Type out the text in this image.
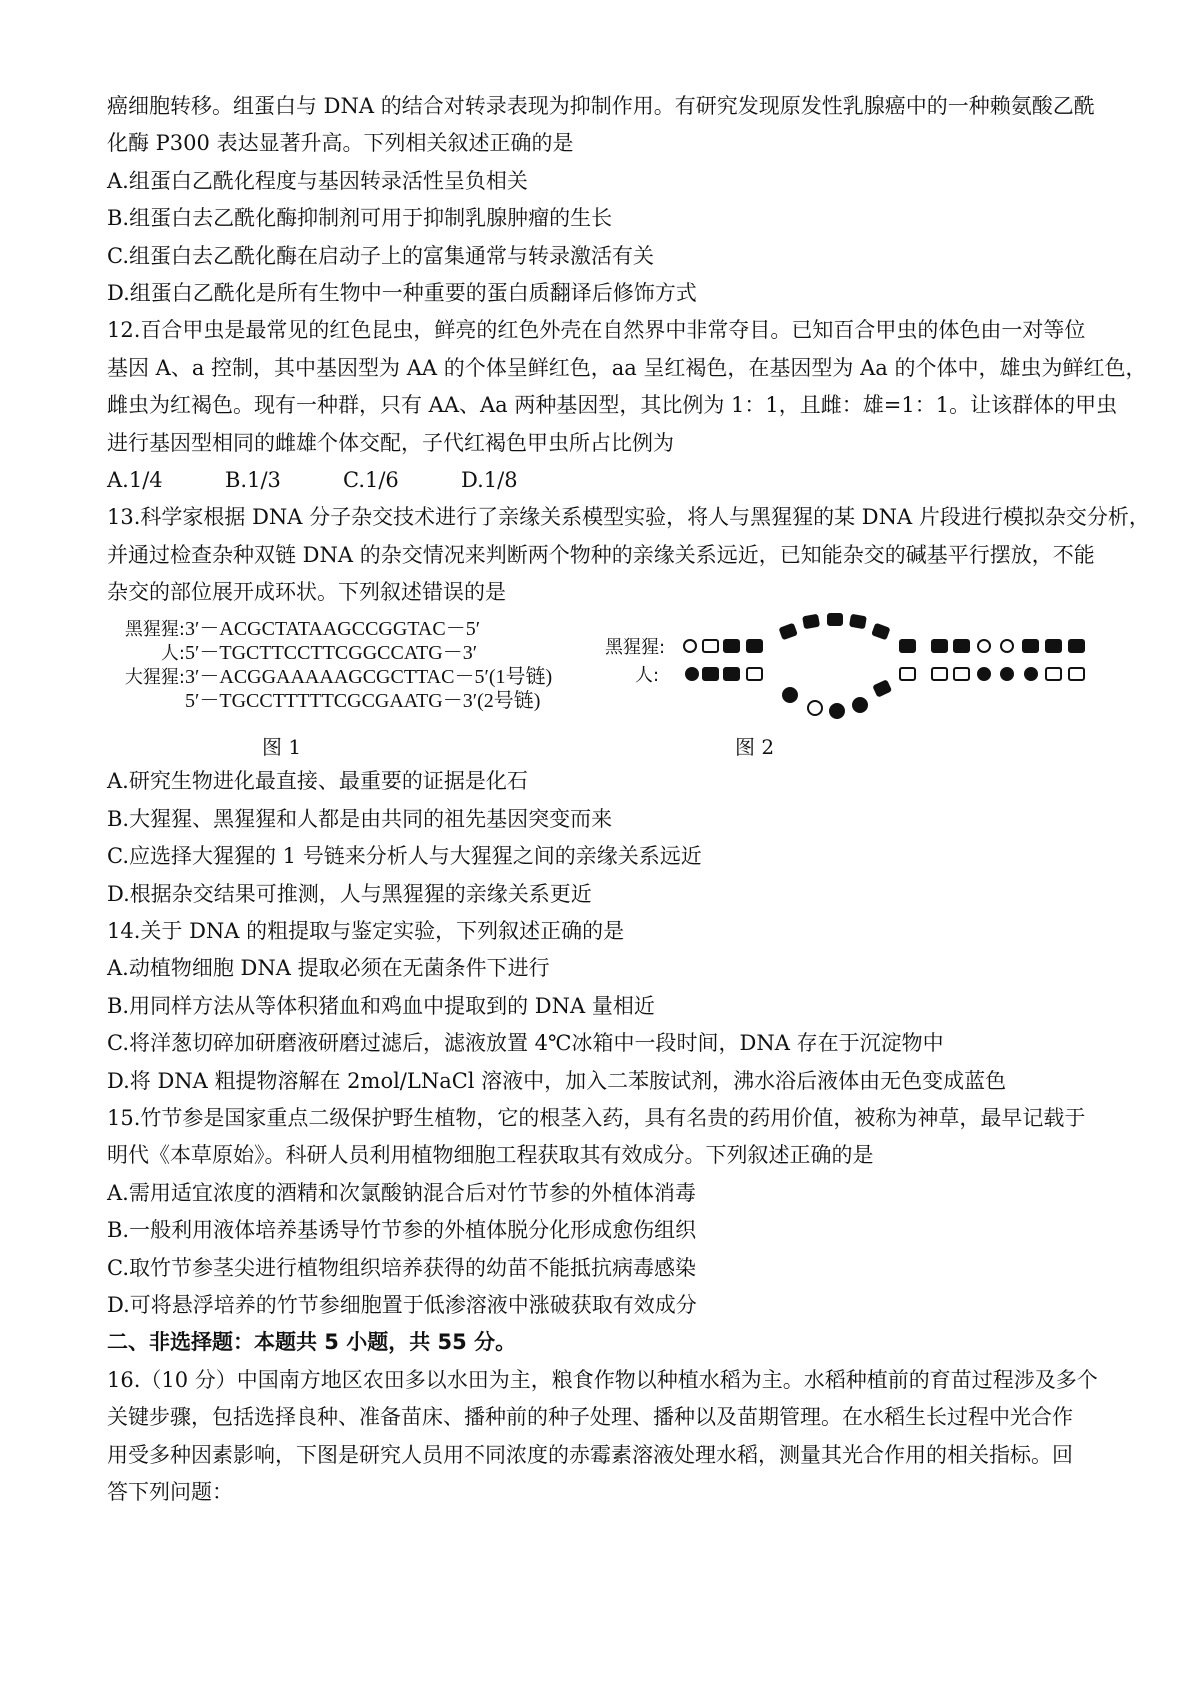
癌细胞转移。组蛋白与 DNA 的结合对转录表现为抑制作用。有研究发现原发性乳腺癌中的一种赖氨酸乙酰
化酶 P300 表达显著升高。下列相关叙述正确的是
A.组蛋白乙酰化程度与基因转录活性呈负相关
B.组蛋白去乙酰化酶抑制剂可用于抑制乳腺肿瘤的生长
C.组蛋白去乙酰化酶在启动子上的富集通常与转录激活有关
D.组蛋白乙酰化是所有生物中一种重要的蛋白质翻译后修饰方式
12.百合甲虫是最常见的红色昆虫，鲜亮的红色外壳在自然界中非常夺目。已知百合甲虫的体色由一对等位
基因 A、a 控制，其中基因型为 AA 的个体呈鲜红色，aa 呈红褐色，在基因型为 Aa 的个体中，雄虫为鲜红色，
雌虫为红褐色。现有一种群，只有 AA、Aa 两种基因型，其比例为 1：1，且雌：雄=1：1。让该群体的甲虫
进行基因型相同的雌雄个体交配，子代红褐色甲虫所占比例为
A.1/4	B.1/3	C.1/6	D.1/8
13.科学家根据 DNA 分子杂交技术进行了亲缘关系模型实验，将人与黑猩猩的某 DNA 片段进行模拟杂交分析，
并通过检查杂种双链 DNA 的杂交情况来判断两个物种的亲缘关系远近，已知能杂交的碱基平行摆放，不能
杂交的部位展开成环状。下列叙述错误的是
黑猩猩:3′－ACGCTATAAGCCGGTAC－5′
人:5′－TGCTTCCTTCGGCCATG－3′
大猩猩:3′－ACGGAAAAAGCGCTTAC－5′(1号链)
5′－TGCCTTTTTCGCGAATG－3′(2号链)
黑猩猩:
人:
图 1	图 2
A.研究生物进化最直接、最重要的证据是化石
B.大猩猩、黑猩猩和人都是由共同的祖先基因突变而来
C.应选择大猩猩的 1 号链来分析人与大猩猩之间的亲缘关系远近
D.根据杂交结果可推测，人与黑猩猩的亲缘关系更近
14.关于 DNA 的粗提取与鉴定实验，下列叙述正确的是
A.动植物细胞 DNA 提取必须在无菌条件下进行
B.用同样方法从等体积猪血和鸡血中提取到的 DNA 量相近
C.将洋葱切碎加研磨液研磨过滤后，滤液放置 4℃冰箱中一段时间，DNA 存在于沉淀物中
D.将 DNA 粗提物溶解在 2mol/LNaCl 溶液中，加入二苯胺试剂，沸水浴后液体由无色变成蓝色
15.竹节参是国家重点二级保护野生植物，它的根茎入药，具有名贵的药用价值，被称为神草，最早记载于
明代《本草原始》。科研人员利用植物细胞工程获取其有效成分。下列叙述正确的是
A.需用适宜浓度的酒精和次氯酸钠混合后对竹节参的外植体消毒
B.一般利用液体培养基诱导竹节参的外植体脱分化形成愈伤组织
C.取竹节参茎尖进行植物组织培养获得的幼苗不能抵抗病毒感染
D.可将悬浮培养的竹节参细胞置于低渗溶液中涨破获取有效成分
二、非选择题：本题共 5 小题，共 55 分。
16.（10 分）中国南方地区农田多以水田为主，粮食作物以种植水稻为主。水稻种植前的育苗过程涉及多个
关键步骤，包括选择良种、准备苗床、播种前的种子处理、播种以及苗期管理。在水稻生长过程中光合作
用受多种因素影响，下图是研究人员用不同浓度的赤霉素溶液处理水稻，测量其光合作用的相关指标。回
答下列问题：
